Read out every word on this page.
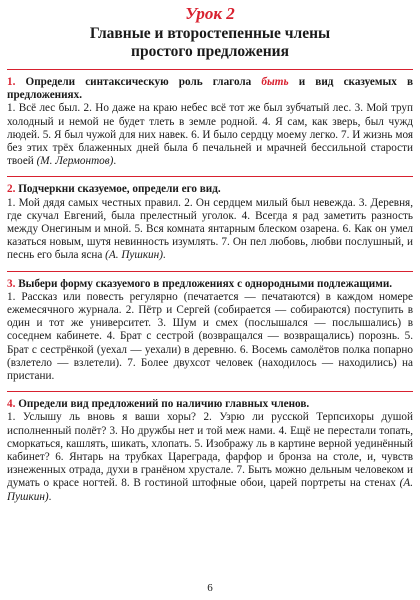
Урок 2
Главные и второстепенные члены
простого предложения

1. Определи синтаксическую роль глагола быть и вид сказуемых в предложениях.
1. Всё лес был. 2. Но даже на краю небес всё тот же был зубчатый лес. 3. Мой труп холодный и немой не будет тлеть в земле родной. 4. Я сам, как зверь, был чужд людей. 5. Я был чужой для них навек. 6. И было сердцу моему легко. 7. И жизнь моя без этих трёх блаженных дней была б печальней и мрачней бессильной старости твоей (М. Лермонтов).

2. Подчеркни сказуемое, определи его вид.
1. Мой дядя самых честных правил. 2. Он сердцем милый был невежда. 3. Деревня, где скучал Евгений, была прелестный уголок. 4. Всегда я рад заметить разность между Онегиным и мной. 5. Вся комната янтарным блеском озарена. 6. Как он умел казаться новым, шутя невинность изумлять. 7. Он пел любовь, любви послушный, и песнь его была ясна (А. Пушкин).

3. Выбери форму сказуемого в предложениях с однородными подлежащими.
1. Рассказ или повесть регулярно (печатается — печатаются) в каждом номере ежемесячного журнала. 2. Пётр и Сергей (собирается — собираются) поступить в один и тот же университет. 3. Шум и смех (послышался — послышались) в соседнем кабинете. 4. Брат с сестрой (возвращался — возвращались) порознь. 5. Брат с сестрёнкой (уехал — уехали) в деревню. 6. Восемь самолётов полка попарно (взлетело — взлетели). 7. Более двухсот человек (находилось — находились) на пристани.

4. Определи вид предложений по наличию главных членов.
1. Услышу ль вновь я ваши хоры? 2. Узрю ли русской Терпсихоры душой исполненный полёт? 3. Но дружбы нет и той меж нами. 4. Ещё не перестали топать, сморкаться, кашлять, шикать, хлопать. 5. Изображу ль в картине верной уединённый кабинет? 6. Янтарь на трубках Цареграда, фарфор и бронза на столе, и, чувств изнеженных отрада, духи в гранёном хрустале. 7. Быть можно дельным человеком и думать о красе ногтей. 8. В гостиной штофные обои, царей портреты на стенах (А. Пушкин).

6
